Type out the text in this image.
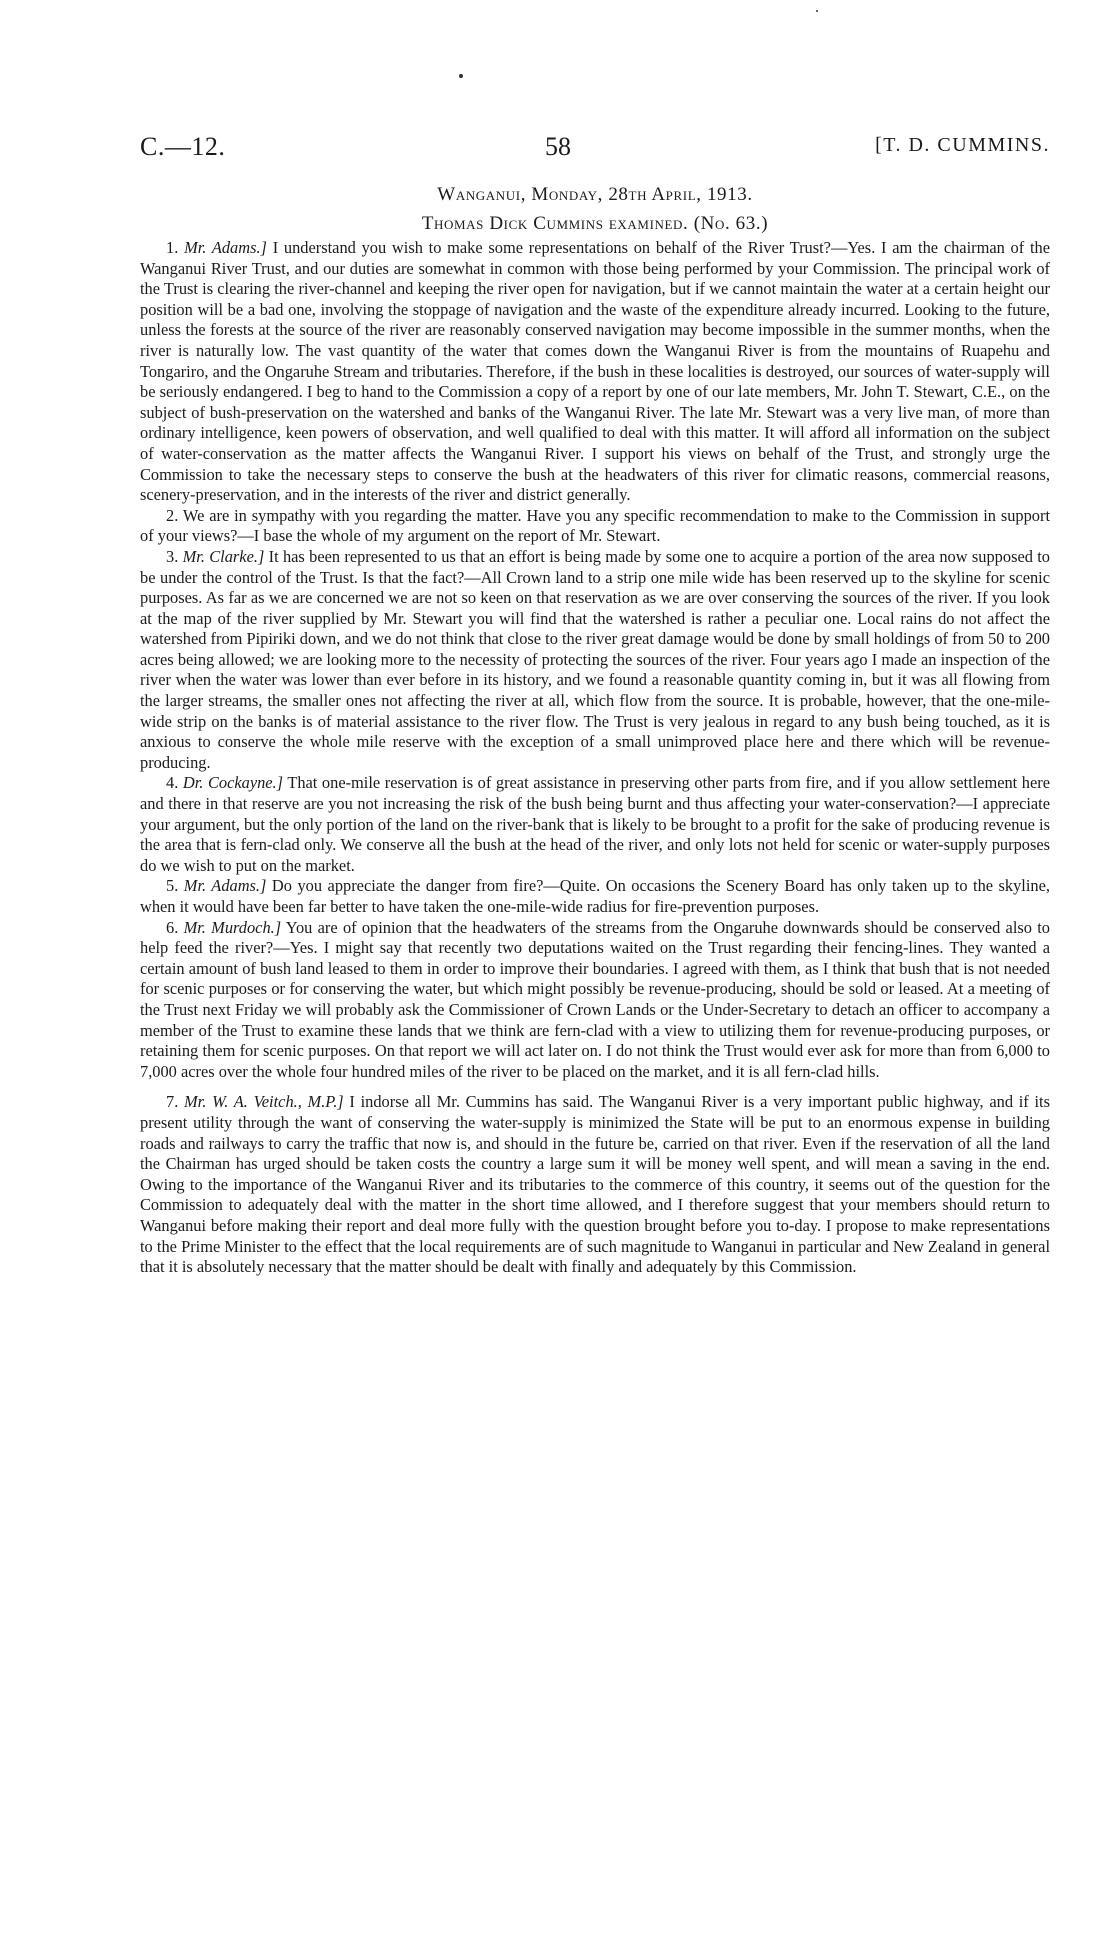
C.—12.	58	[T. D. CUMMINS.
Wanganui, Monday, 28th April, 1913.
Thomas Dick Cummins examined. (No. 63.)

1. Mr. Adams.] I understand you wish to make some representations on behalf of the River Trust?—Yes. I am the chairman of the Wanganui River Trust, and our duties are somewhat in common with those being performed by your Commission. The principal work of the Trust is clearing the river-channel and keeping the river open for navigation, but if we cannot maintain the water at a certain height our position will be a bad one, involving the stoppage of navigation and the waste of the expenditure already incurred. Looking to the future, unless the forests at the source of the river are reasonably conserved navigation may become impossible in the summer months, when the river is naturally low. The vast quantity of the water that comes down the Wanganui River is from the mountains of Ruapehu and Tongariro, and the Ongaruhe Stream and tributaries. Therefore, if the bush in these localities is destroyed, our sources of water-supply will be seriously endangered. I beg to hand to the Commission a copy of a report by one of our late members, Mr. John T. Stewart, C.E., on the subject of bush-preservation on the watershed and banks of the Wanganui River. The late Mr. Stewart was a very live man, of more than ordinary intelligence, keen powers of observation, and well qualified to deal with this matter. It will afford all information on the subject of water-conservation as the matter affects the Wanganui River. I support his views on behalf of the Trust, and strongly urge the Commission to take the necessary steps to conserve the bush at the headwaters of this river for climatic reasons, commercial reasons, scenery-preservation, and in the interests of the river and district generally.

2. We are in sympathy with you regarding the matter. Have you any specific recommendation to make to the Commission in support of your views?—I base the whole of my argument on the report of Mr. Stewart.

3. Mr. Clarke.] It has been represented to us that an effort is being made by some one to acquire a portion of the area now supposed to be under the control of the Trust. Is that the fact?—All Crown land to a strip one mile wide has been reserved up to the skyline for scenic purposes. As far as we are concerned we are not so keen on that reservation as we are over conserving the sources of the river. If you look at the map of the river supplied by Mr. Stewart you will find that the watershed is rather a peculiar one. Local rains do not affect the watershed from Pipiriki down, and we do not think that close to the river great damage would be done by small holdings of from 50 to 200 acres being allowed; we are looking more to the necessity of protecting the sources of the river. Four years ago I made an inspection of the river when the water was lower than ever before in its history, and we found a reasonable quantity coming in, but it was all flowing from the larger streams, the smaller ones not affecting the river at all, which flow from the source. It is probable, however, that the one-mile-wide strip on the banks is of material assistance to the river flow. The Trust is very jealous in regard to any bush being touched, as it is anxious to conserve the whole mile reserve with the exception of a small unimproved place here and there which will be revenue-producing.

4. Dr. Cockayne.] That one-mile reservation is of great assistance in preserving other parts from fire, and if you allow settlement here and there in that reserve are you not increasing the risk of the bush being burnt and thus affecting your water-conservation?—I appreciate your argument, but the only portion of the land on the river-bank that is likely to be brought to a profit for the sake of producing revenue is the area that is fern-clad only. We conserve all the bush at the head of the river, and only lots not held for scenic or water-supply purposes do we wish to put on the market.

5. Mr. Adams.] Do you appreciate the danger from fire?—Quite. On occasions the Scenery Board has only taken up to the skyline, when it would have been far better to have taken the one-mile-wide radius for fire-prevention purposes.

6. Mr. Murdoch.] You are of opinion that the headwaters of the streams from the Ongaruhe downwards should be conserved also to help feed the river?—Yes. I might say that recently two deputations waited on the Trust regarding their fencing-lines. They wanted a certain amount of bush land leased to them in order to improve their boundaries. I agreed with them, as I think that bush that is not needed for scenic purposes or for conserving the water, but which might possibly be revenue-producing, should be sold or leased. At a meeting of the Trust next Friday we will probably ask the Commissioner of Crown Lands or the Under-Secretary to detach an officer to accompany a member of the Trust to examine these lands that we think are fern-clad with a view to utilizing them for revenue-producing purposes, or retaining them for scenic purposes. On that report we will act later on. I do not think the Trust would ever ask for more than from 6,000 to 7,000 acres over the whole four hundred miles of the river to be placed on the market, and it is all fern-clad hills.

7. Mr. W. A. Veitch., M.P.] I indorse all Mr. Cummins has said. The Wanganui River is a very important public highway, and if its present utility through the want of conserving the water-supply is minimized the State will be put to an enormous expense in building roads and railways to carry the traffic that now is, and should in the future be, carried on that river. Even if the reservation of all the land the Chairman has urged should be taken costs the country a large sum it will be money well spent, and will mean a saving in the end. Owing to the importance of the Wanganui River and its tributaries to the commerce of this country, it seems out of the question for the Commission to adequately deal with the matter in the short time allowed, and I therefore suggest that your members should return to Wanganui before making their report and deal more fully with the question brought before you to-day. I propose to make representations to the Prime Minister to the effect that the local requirements are of such magnitude to Wanganui in particular and New Zealand in general that it is absolutely necessary that the matter should be dealt with finally and adequately by this Commission.
